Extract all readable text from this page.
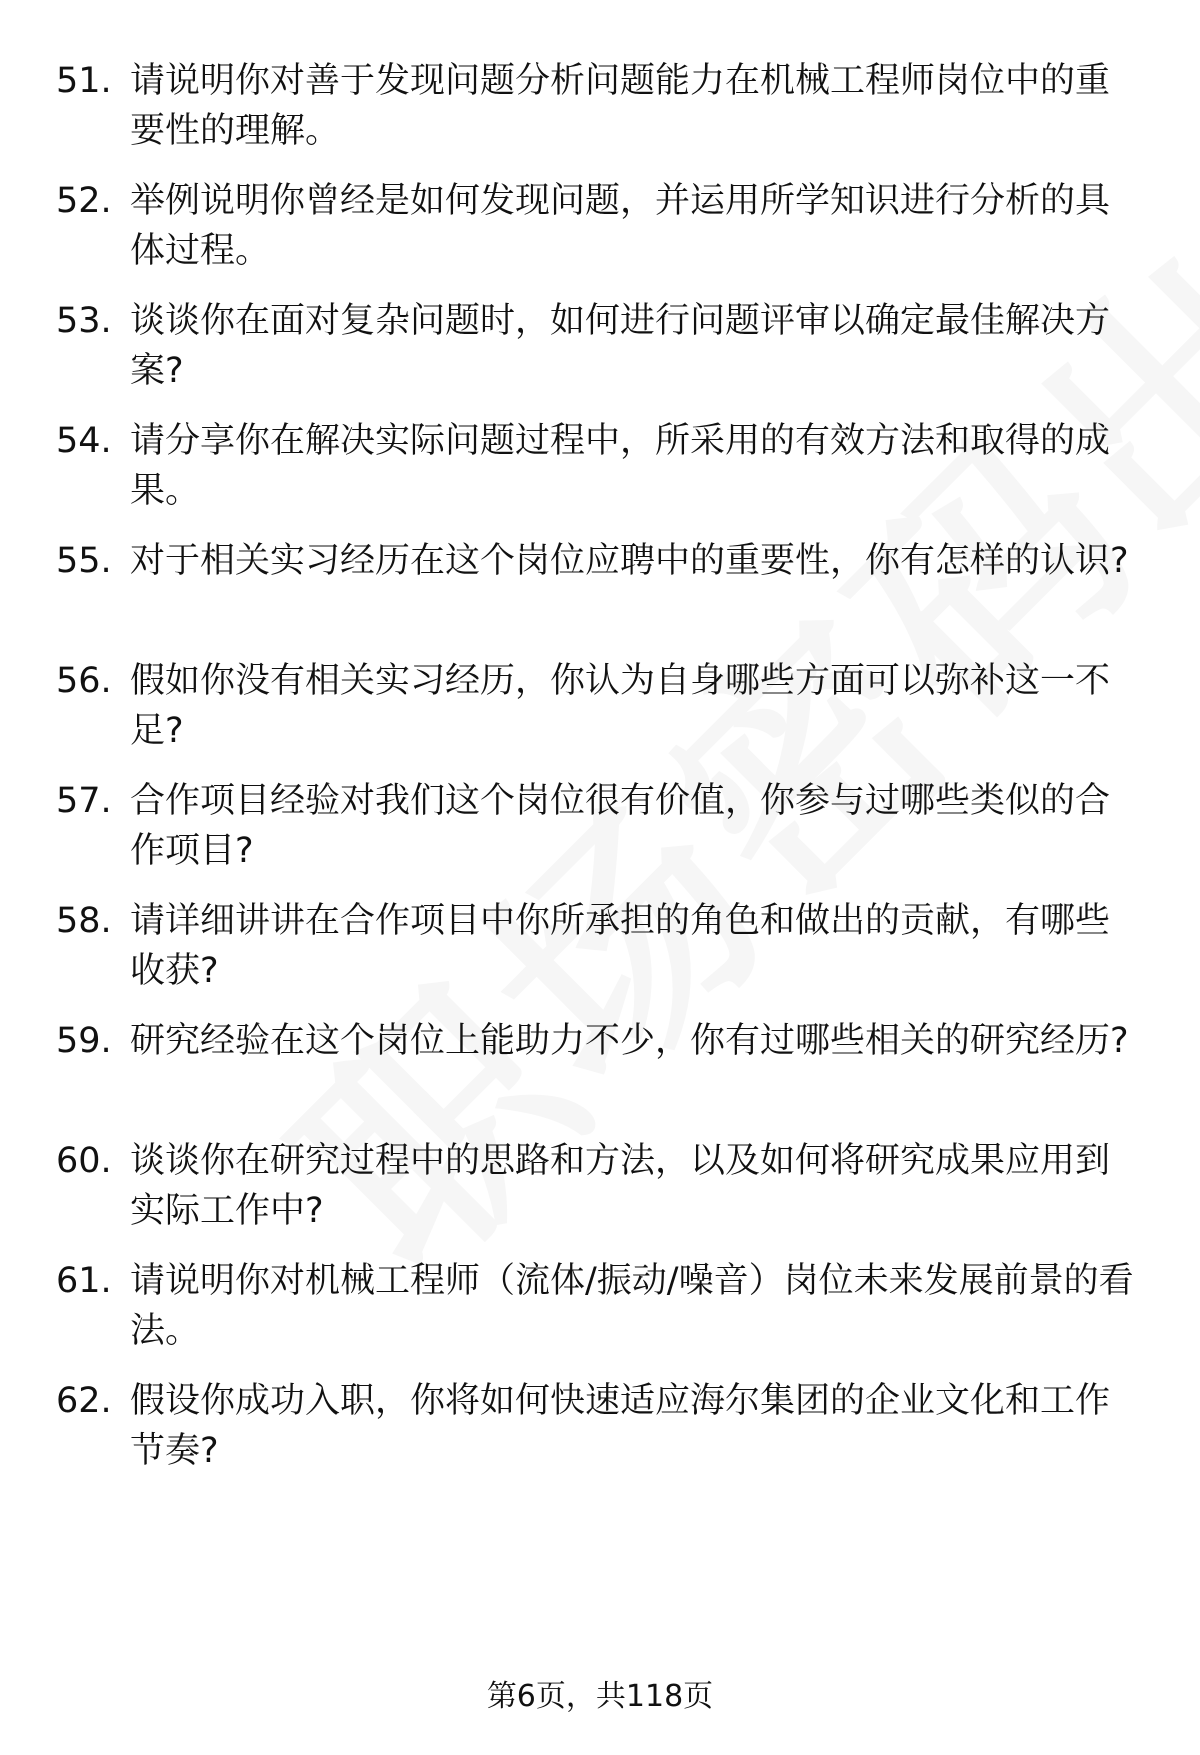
51. 请说明你对善于发现问题分析问题能力在机械工程师岗位中的重要性的理解。
52. 举例说明你曾经是如何发现问题，并运用所学知识进行分析的具体过程。
53. 谈谈你在面对复杂问题时，如何进行问题评审以确定最佳解决方案?
54. 请分享你在解决实际问题过程中，所采用的有效方法和取得的成果。
55. 对于相关实习经历在这个岗位应聘中的重要性，你有怎样的认识?
56. 假如你没有相关实习经历，你认为自身哪些方面可以弥补这一不足?
57. 合作项目经验对我们这个岗位很有价值，你参与过哪些类似的合作项目?
58. 请详细讲讲在合作项目中你所承担的角色和做出的贡献，有哪些收获?
59. 研究经验在这个岗位上能助力不少，你有过哪些相关的研究经历?
60. 谈谈你在研究过程中的思路和方法，以及如何将研究成果应用到实际工作中?
61. 请说明你对机械工程师（流体/振动/噪音）岗位未来发展前景的看法。
62. 假设你成功入职，你将如何快速适应海尔集团的企业文化和工作节奏?
第6页，共118页
